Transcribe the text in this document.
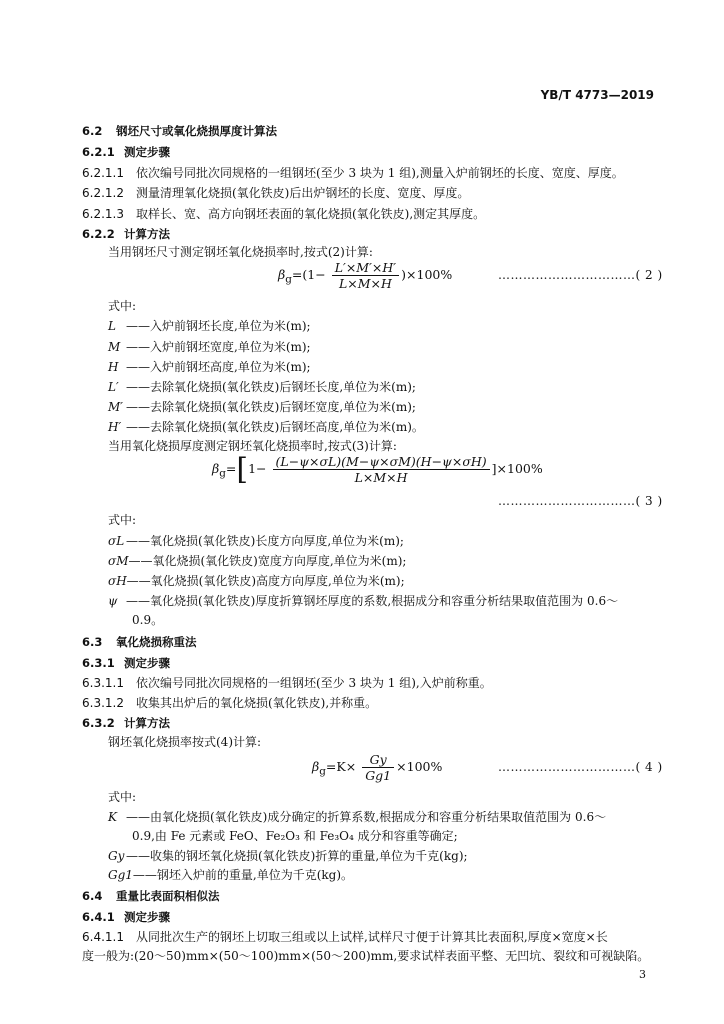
YB/T 4773—2019
6.2 钢坯尺寸或氧化烧损厚度计算法
6.2.1 测定步骤
6.2.1.1 依次编号同批次同规格的一组钢坯(至少 3 块为 1 组),测量入炉前钢坯的长度、宽度、厚度。
6.2.1.2 测量清理氧化烧损(氧化铁皮)后出炉钢坯的长度、宽度、厚度。
6.2.1.3 取样长、宽、高方向钢坯表面的氧化烧损(氧化铁皮),测定其厚度。
6.2.2 计算方法
当用钢坯尺寸测定钢坯氧化烧损率时,按式(2)计算:
$\beta_g=(1- \frac{L'\times M'\times H'}{L\times M\times H} )\times 100\%$	……………………………( 2 )
式中:
L ——入炉前钢坯长度,单位为米(m);
M ——入炉前钢坯宽度,单位为米(m);
H ——入炉前钢坯高度,单位为米(m);
L′ ——去除氧化烧损(氧化铁皮)后钢坯长度,单位为米(m);
M′ ——去除氧化烧损(氧化铁皮)后钢坯宽度,单位为米(m);
H′ ——去除氧化烧损(氧化铁皮)后钢坯高度,单位为米(m)。
当用氧化烧损厚度测定钢坯氧化烧损率时,按式(3)计算:
$\beta_g=[1- \frac{(L-\psi\times\sigma L)(M-\psi\times\sigma M)(H-\psi\times\sigma H)}{L\times M\times H} ]\times 100\%$
……………………………( 3 )
式中:
σL ——氧化烧损(氧化铁皮)长度方向厚度,单位为米(m);
σM——氧化烧损(氧化铁皮)宽度方向厚度,单位为米(m);
σH——氧化烧损(氧化铁皮)高度方向厚度,单位为米(m);
ψ ——氧化烧损(氧化铁皮)厚度折算钢坯厚度的系数,根据成分和容重分析结果取值范围为 0.6～
0.9。
6.3 氧化烧损称重法
6.3.1 测定步骤
6.3.1.1 依次编号同批次同规格的一组钢坯(至少 3 块为 1 组),入炉前称重。
6.3.1.2 收集其出炉后的氧化烧损(氧化铁皮),并称重。
6.3.2 计算方法
钢坯氧化烧损率按式(4)计算:
$\beta_g=K\times \frac{Gy}{Gg1} \times 100\%$	……………………………( 4 )
式中:
K ——由氧化烧损(氧化铁皮)成分确定的折算系数,根据成分和容重分析结果取值范围为 0.6～
0.9,由 Fe 元素或 FeO、Fe₂O₃ 和 Fe₃O₄ 成分和容重等确定;
Gy ——收集的钢坯氧化烧损(氧化铁皮)折算的重量,单位为千克(kg);
Gg1——钢坯入炉前的重量,单位为千克(kg)。
6.4 重量比表面积相似法
6.4.1 测定步骤
6.4.1.1 从同批次生产的钢坯上切取三组或以上试样,试样尺寸便于计算其比表面积,厚度×宽度×长
度一般为:(20～50)mm×(50～100)mm×(50～200)mm,要求试样表面平整、无凹坑、裂纹和可视缺陷。
3
